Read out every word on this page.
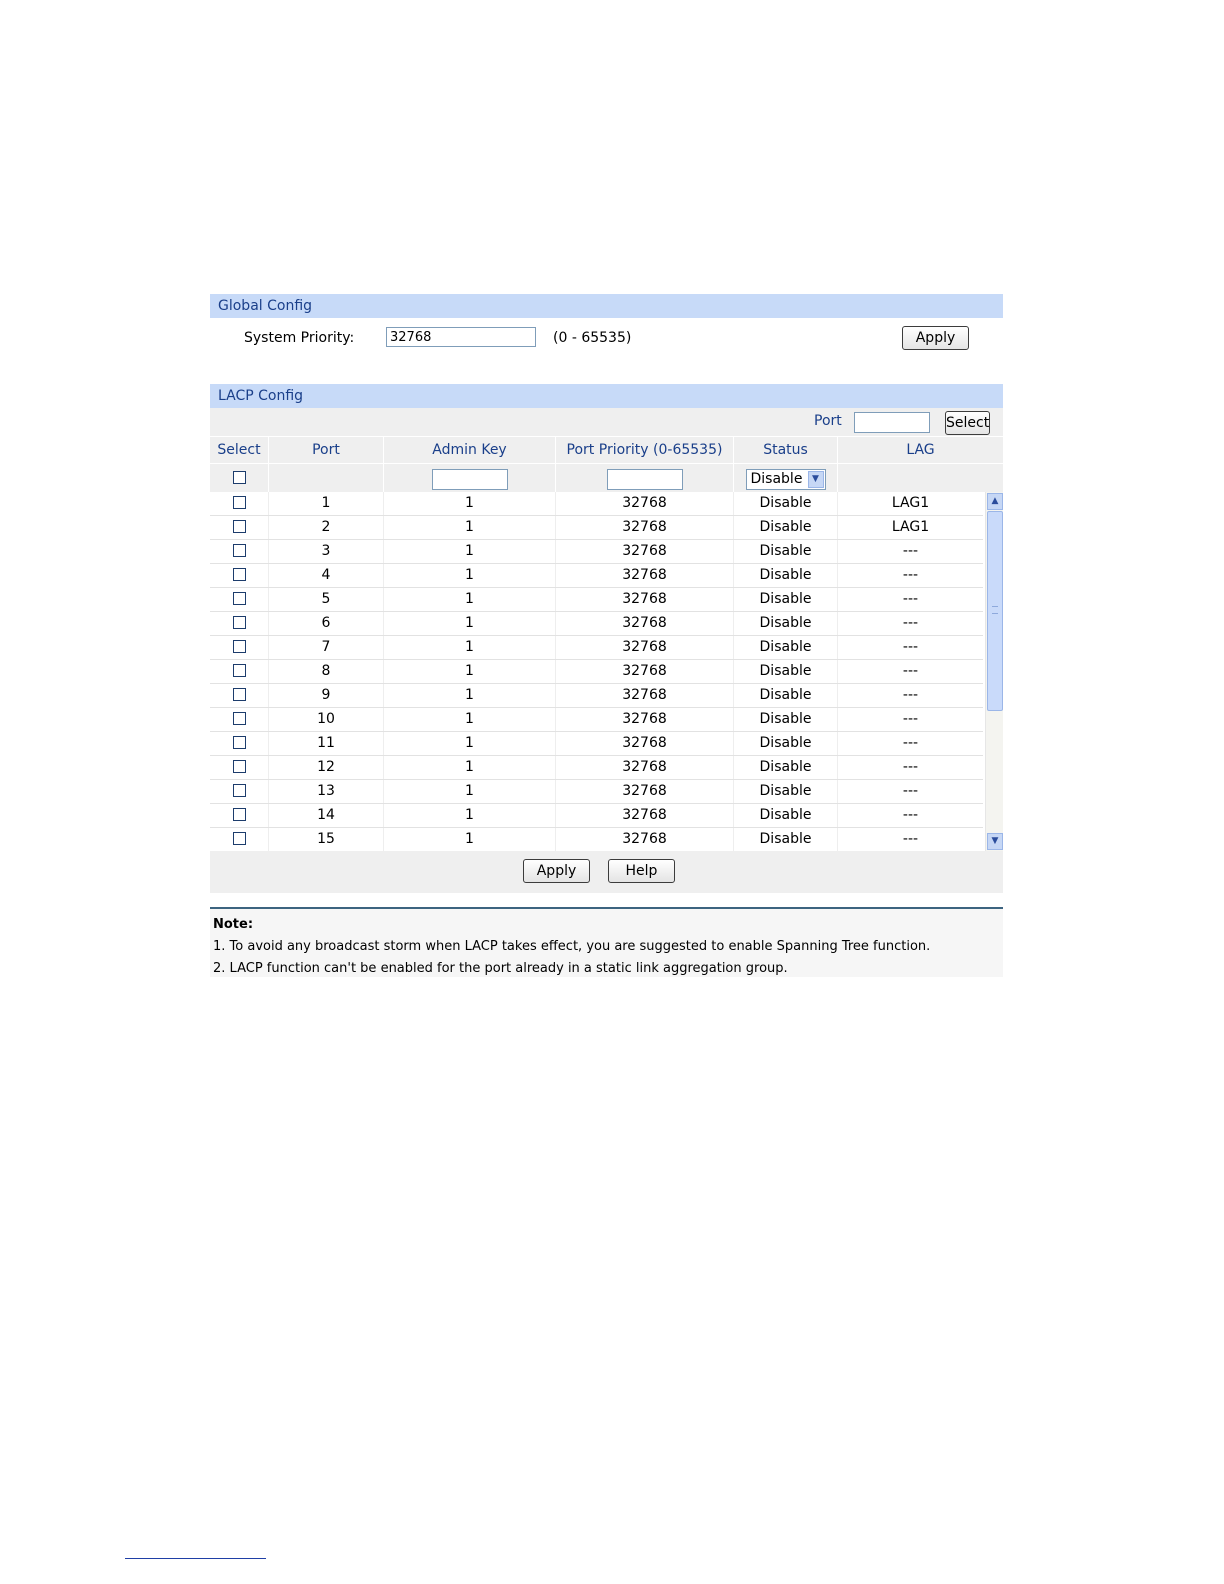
Global Config
System Priority:
32768	(0 - 65535)	Apply
LACP Config
Port	Select
Select	Port	Admin Key	Port Priority (0-65535)	Status	LAG
Disable	▼
1	1	32768	Disable	LAG1
2	1	32768	Disable	LAG1
3	1	32768	Disable	---
4	1	32768	Disable	---
5	1	32768	Disable	---
6	1	32768	Disable	---
7	1	32768	Disable	---
8	1	32768	Disable	---
9	1	32768	Disable	---
10	1	32768	Disable	---
11	1	32768	Disable	---
12	1	32768	Disable	---
13	1	32768	Disable	---
14	1	32768	Disable	---
15	1	32768	Disable	---
▲
▼
Apply	Help
Note:
1. To avoid any broadcast storm when LACP takes effect, you are suggested to enable Spanning Tree function.
2. LACP function can't be enabled for the port already in a static link aggregation group.
